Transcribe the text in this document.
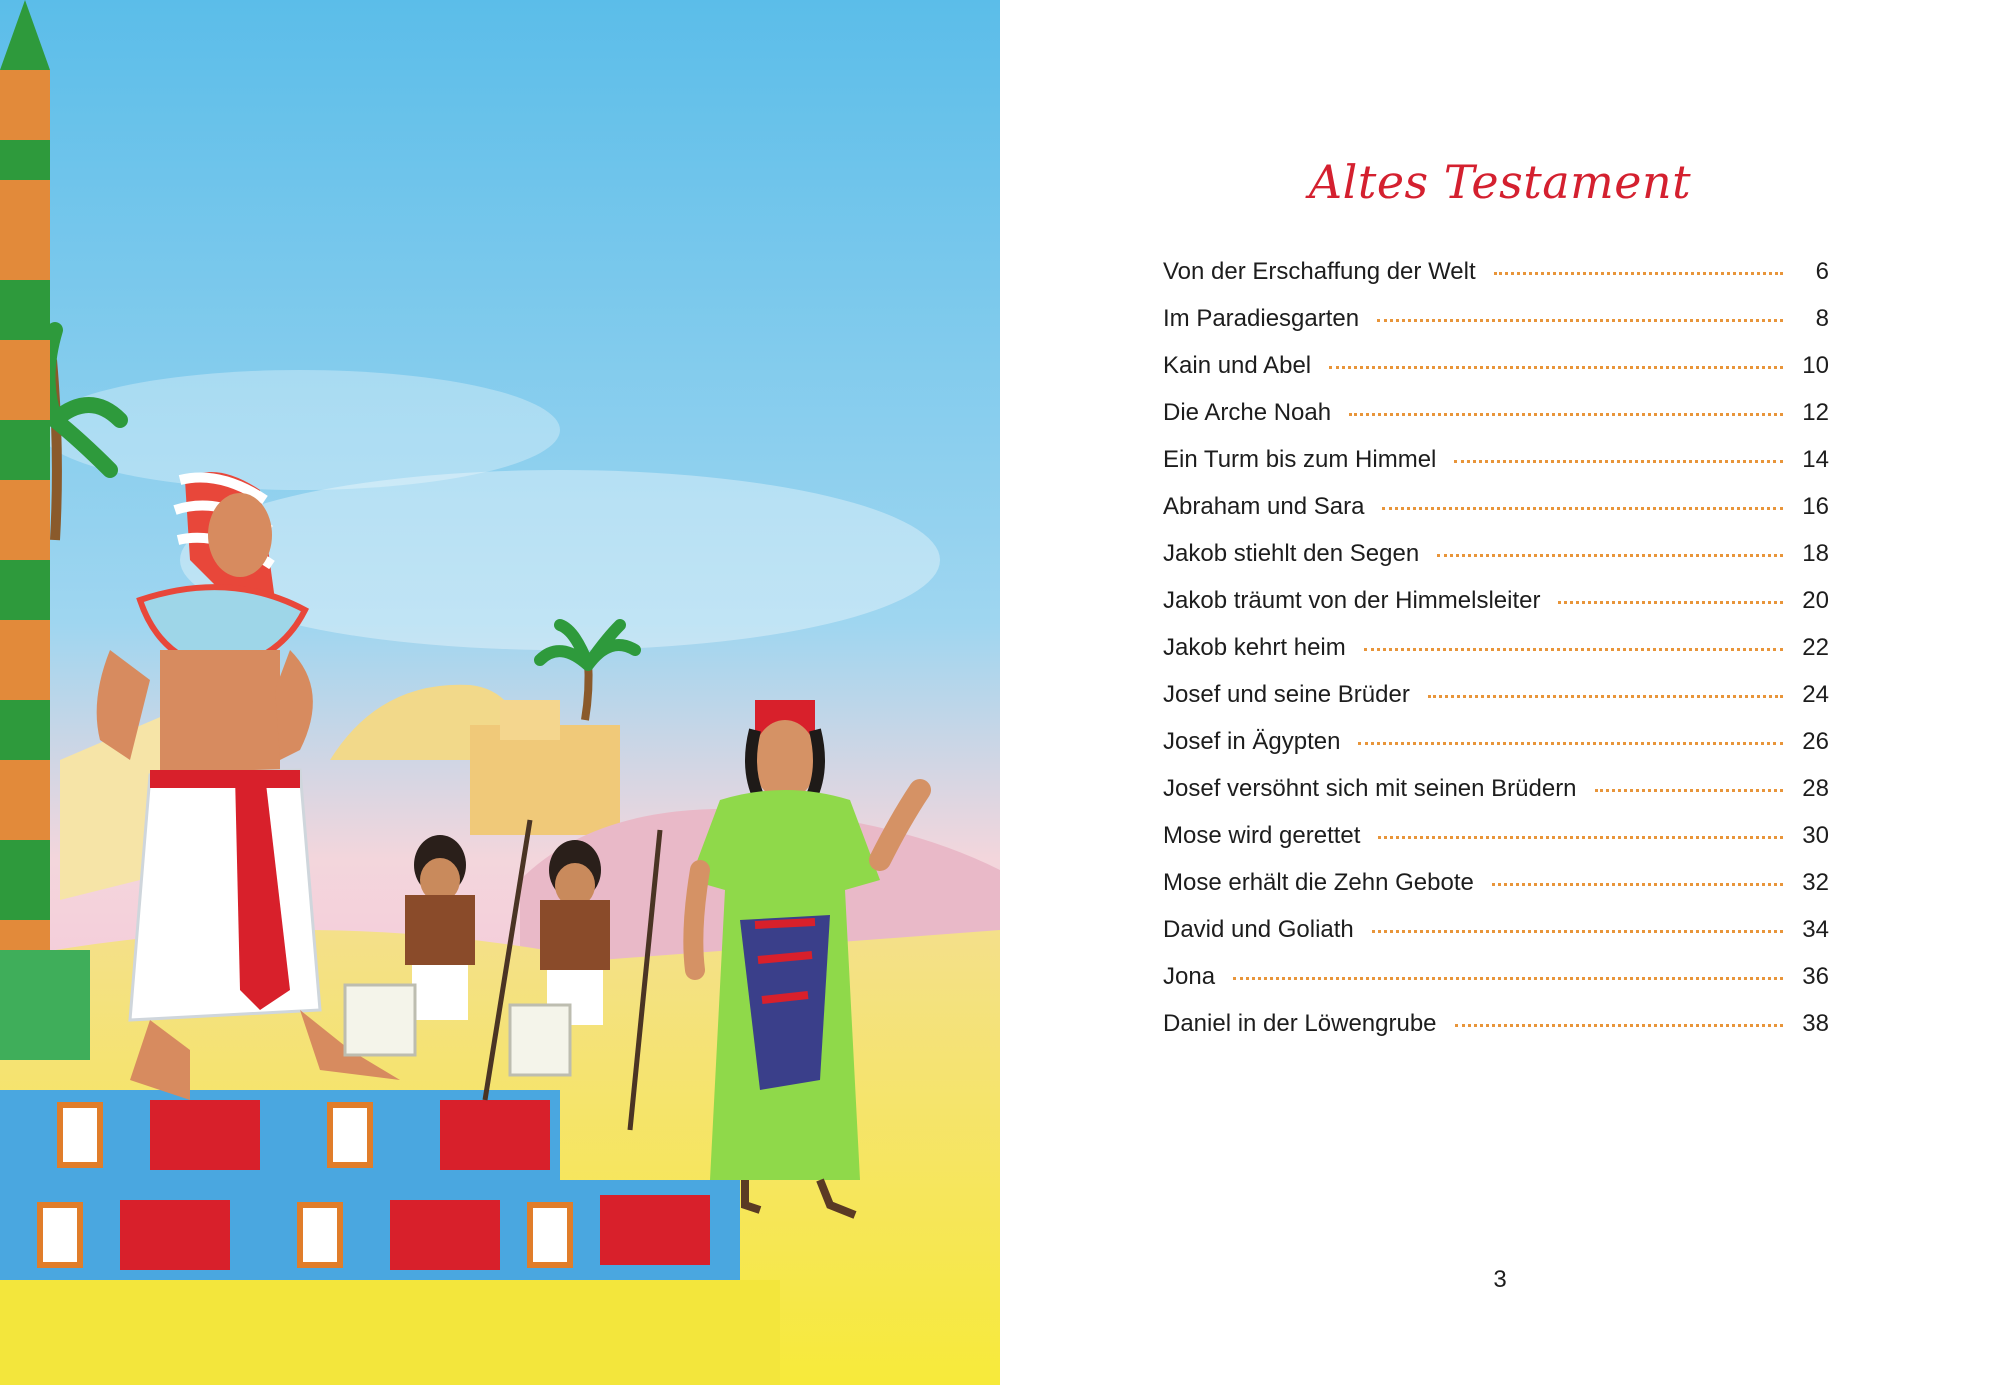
Altes Testament
Von der Erschaffung der Welt	6
Im Paradiesgarten	8
Kain und Abel	10
Die Arche Noah	12
Ein Turm bis zum Himmel	14
Abraham und Sara	16
Jakob stiehlt den Segen	18
Jakob träumt von der Himmelsleiter	20
Jakob kehrt heim	22
Josef und seine Brüder	24
Josef in Ägypten	26
Josef versöhnt sich mit seinen Brüdern	28
Mose wird gerettet	30
Mose erhält die Zehn Gebote	32
David und Goliath	34
Jona	36
Daniel in der Löwengrube	38
3
